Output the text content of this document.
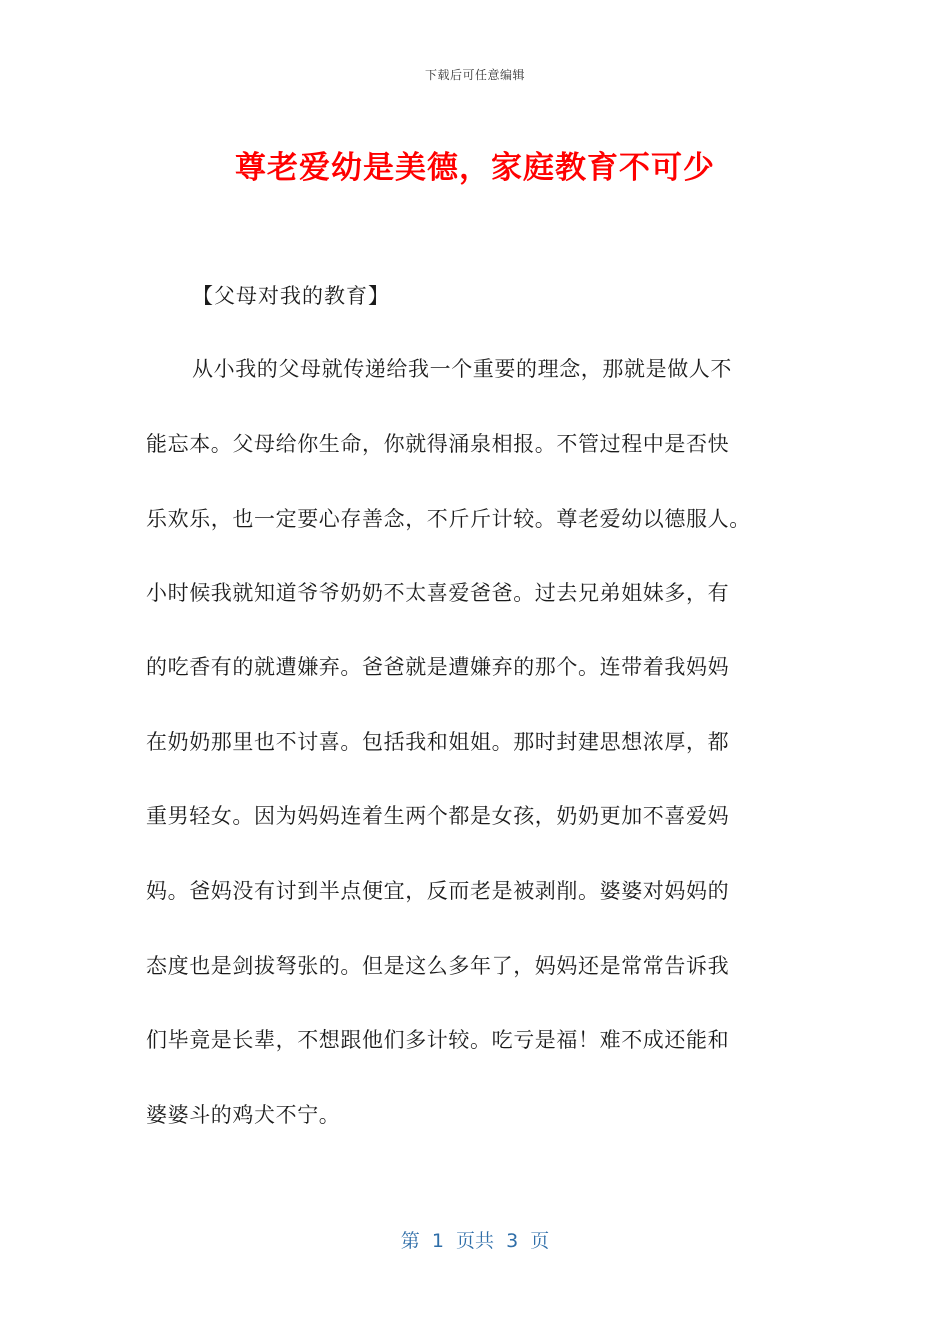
下载后可任意编辑
尊老爱幼是美德，家庭教育不可少
【父母对我的教育】
从小我的父母就传递给我一个重要的理念，那就是做人不
能忘本。父母给你生命，你就得涌泉相报。不管过程中是否快
乐欢乐，也一定要心存善念，不斤斤计较。尊老爱幼以德服人。
小时候我就知道爷爷奶奶不太喜爱爸爸。过去兄弟姐妹多，有
的吃香有的就遭嫌弃。爸爸就是遭嫌弃的那个。连带着我妈妈
在奶奶那里也不讨喜。包括我和姐姐。那时封建思想浓厚，都
重男轻女。因为妈妈连着生两个都是女孩，奶奶更加不喜爱妈
妈。爸妈没有讨到半点便宜，反而老是被剥削。婆婆对妈妈的
态度也是剑拔弩张的。但是这么多年了，妈妈还是常常告诉我
们毕竟是长辈，不想跟他们多计较。吃亏是福！难不成还能和
婆婆斗的鸡犬不宁。
第  1  页共  3  页
